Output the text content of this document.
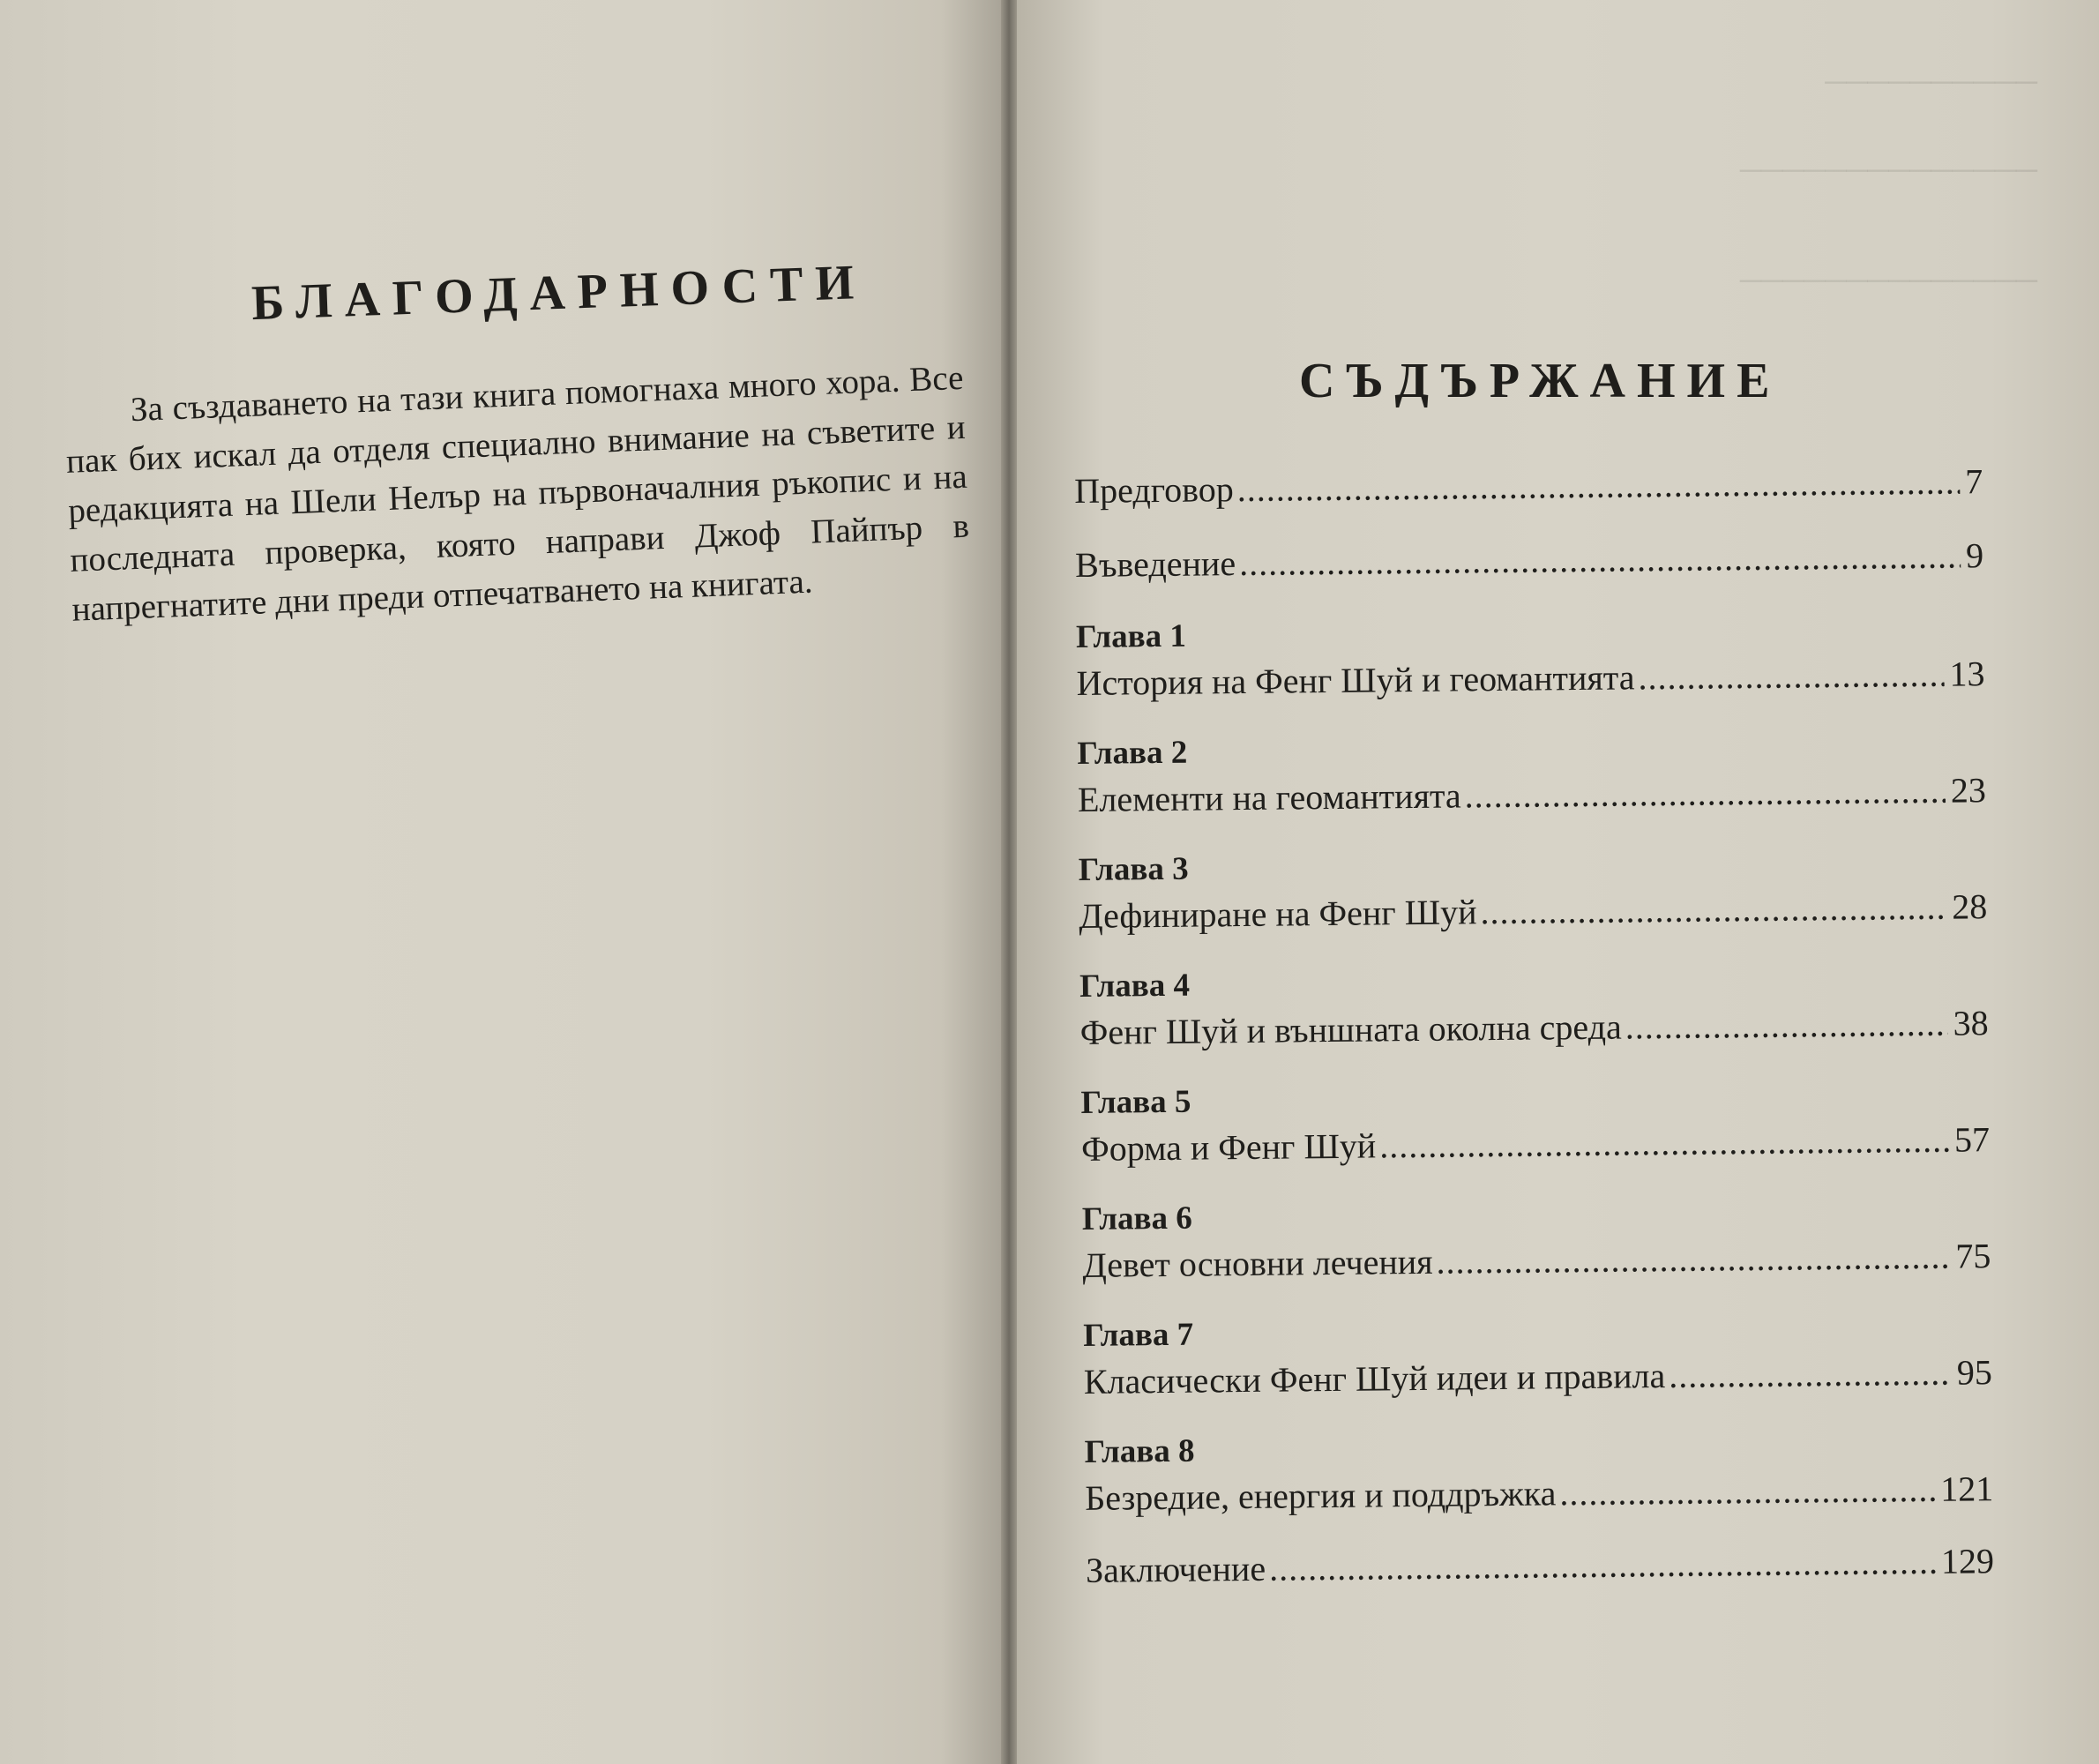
БЛАГОДАРНОСТИ
За създаването на тази книга помогнаха много хора. Все пак бих искал да отделя специално внимание на съветите и редакцията на Шели Нелър на първоначалния ръкопис и на последната проверка, която направи Джоф Пайпър в напрегнатите дни преди отпечатването на книгата.
──────────
──────────────
──────────────
СЪДЪРЖАНИЕ
Предговор .....	7
Въведение .....	9
Глава 1
История на Фенг Шуй и геомантията .....	13
Глава 2
Елементи на геомантията .....	23
Глава 3
Дефиниране на Фенг Шуй .....	28
Глава 4
Фенг Шуй и външната околна среда .....	38
Глава 5
Форма и Фенг Шуй .....	57
Глава 6
Девет основни лечения .....	75
Глава 7
Класически Фенг Шуй идеи и правила .....	95
Глава 8
Безредие, енергия и поддръжка .....	121
Заключение .....	129
